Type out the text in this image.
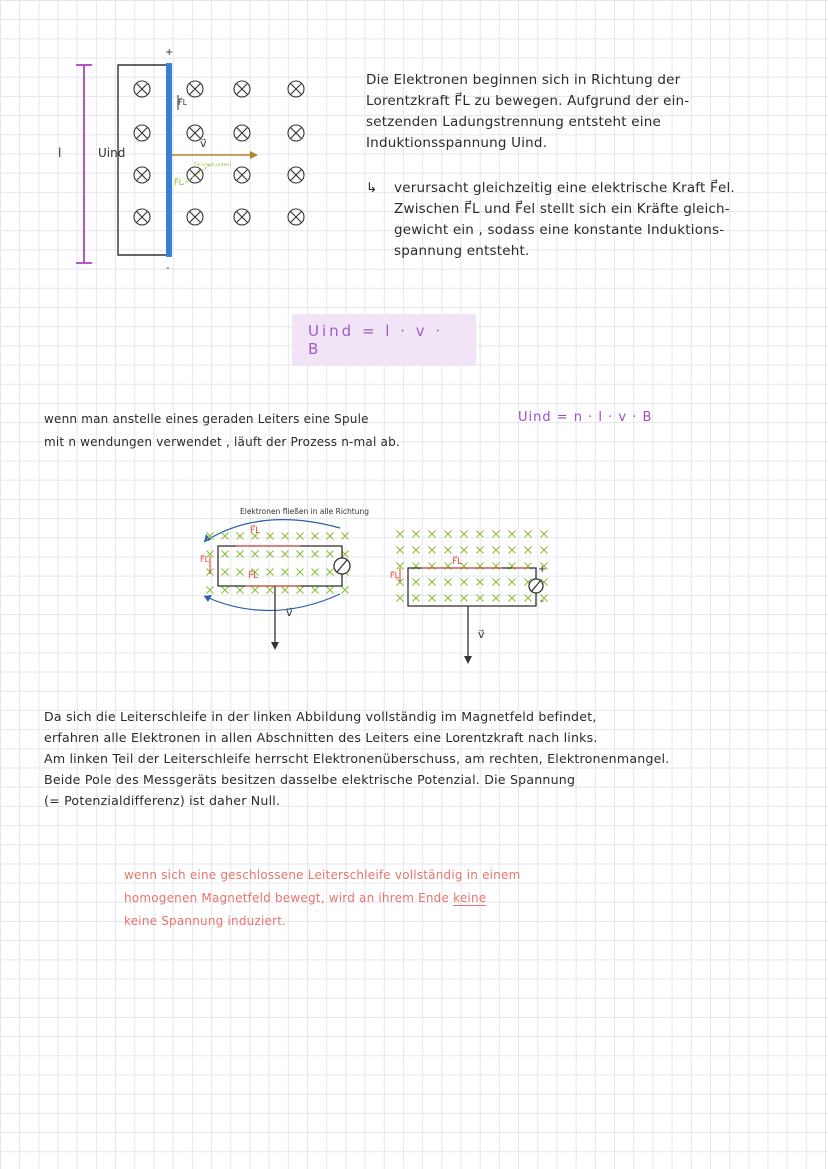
l	Uind
+
-
F⃗L
v⃗
F⃗el (nach unten)
F⃗L
Die Elektronen beginnen sich in Richtung der
Lorentzkraft F⃗L zu bewegen. Aufgrund der ein-
setzenden Ladungstrennung entsteht eine
Induktionsspannung Uind.
↳ verursacht gleichzeitig eine elektrische Kraft F⃗el.
Zwischen F⃗L und F⃗el stellt sich ein Kräfte gleich-
gewicht ein , sodass eine konstante Induktions-
spannung entsteht.
Uind = l · v · B
wenn man anstelle eines geraden Leiters eine Spule
mit n wendungen verwendet , läuft der Prozess n-mal ab.
Uind = n · l · v · B
Elektronen fließen in alle Richtung
F⃗L
F⃗L
F⃗L
v⃗
+
-
F⃗L
F⃗L
v⃗
Da sich die Leiterschleife in der linken Abbildung vollständig im Magnetfeld befindet,
erfahren alle Elektronen in allen Abschnitten des Leiters eine Lorentzkraft nach links.
Am linken Teil der Leiterschleife herrscht Elektronenüberschuss, am rechten, Elektronenmangel.
Beide Pole des Messgeräts besitzen dasselbe elektrische Potenzial. Die Spannung
(= Potenzialdifferenz) ist daher Null.
wenn sich eine geschlossene Leiterschleife vollständig in einem
homogenen Magnetfeld bewegt, wird an ihrem Ende keine
keine Spannung induziert.
